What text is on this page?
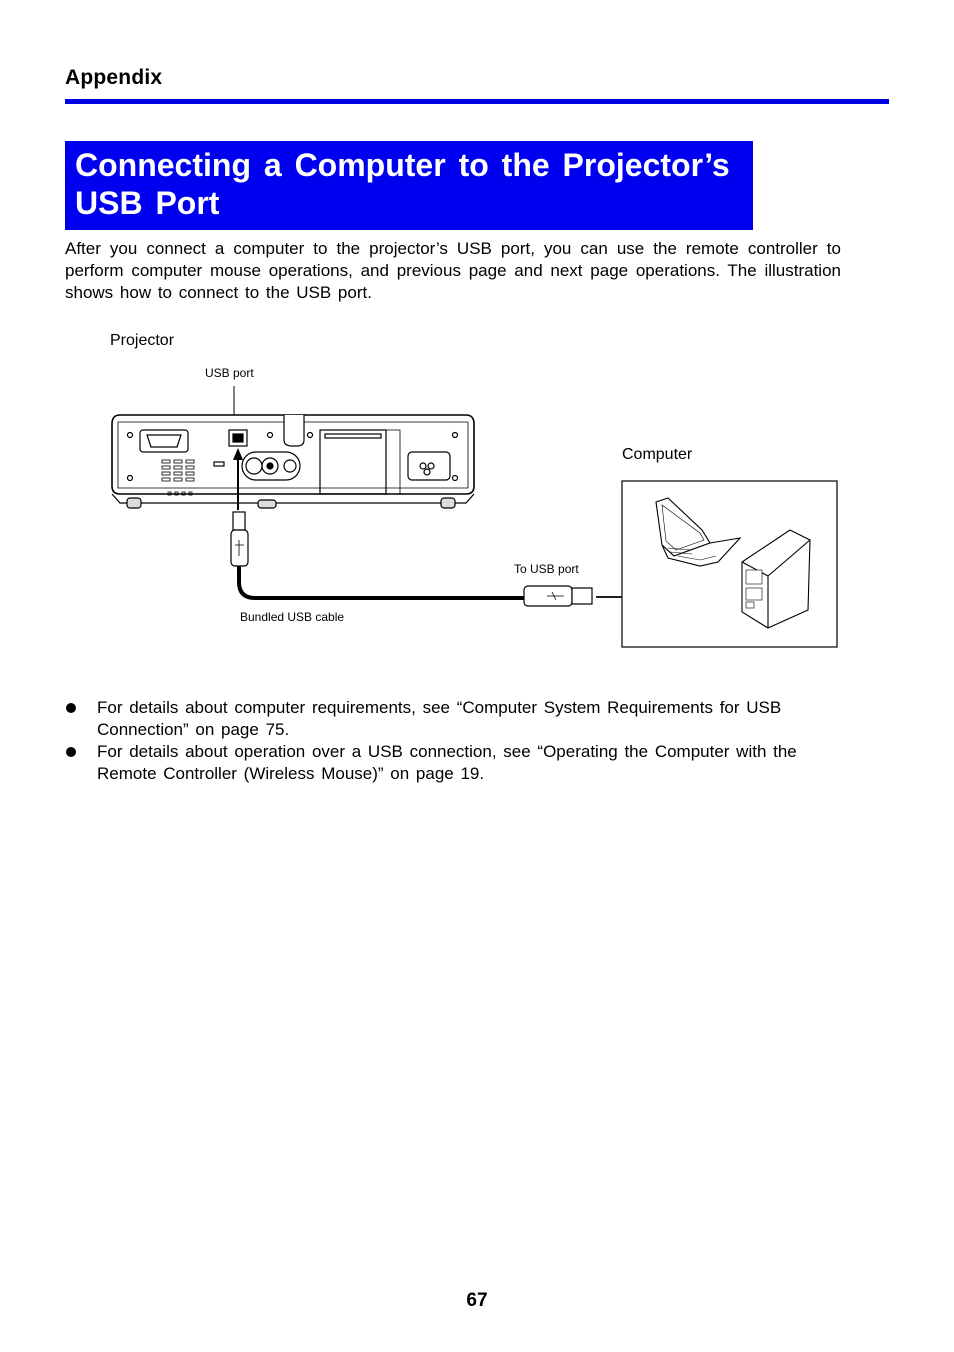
Appendix
Connecting a Computer to the Projector’s USB Port

After you connect a computer to the projector’s USB port, you can use the remote controller to perform computer mouse operations, and previous page and next page operations. The illustration shows how to connect to the USB port.

Projector
USB port
Computer
To USB port
Bundled USB cable
For details about computer requirements, see “Computer System Requirements for USB Connection” on page 75.
For details about operation over a USB connection, see “Operating the Computer with the Remote Controller (Wireless Mouse)” on page 19.
67
